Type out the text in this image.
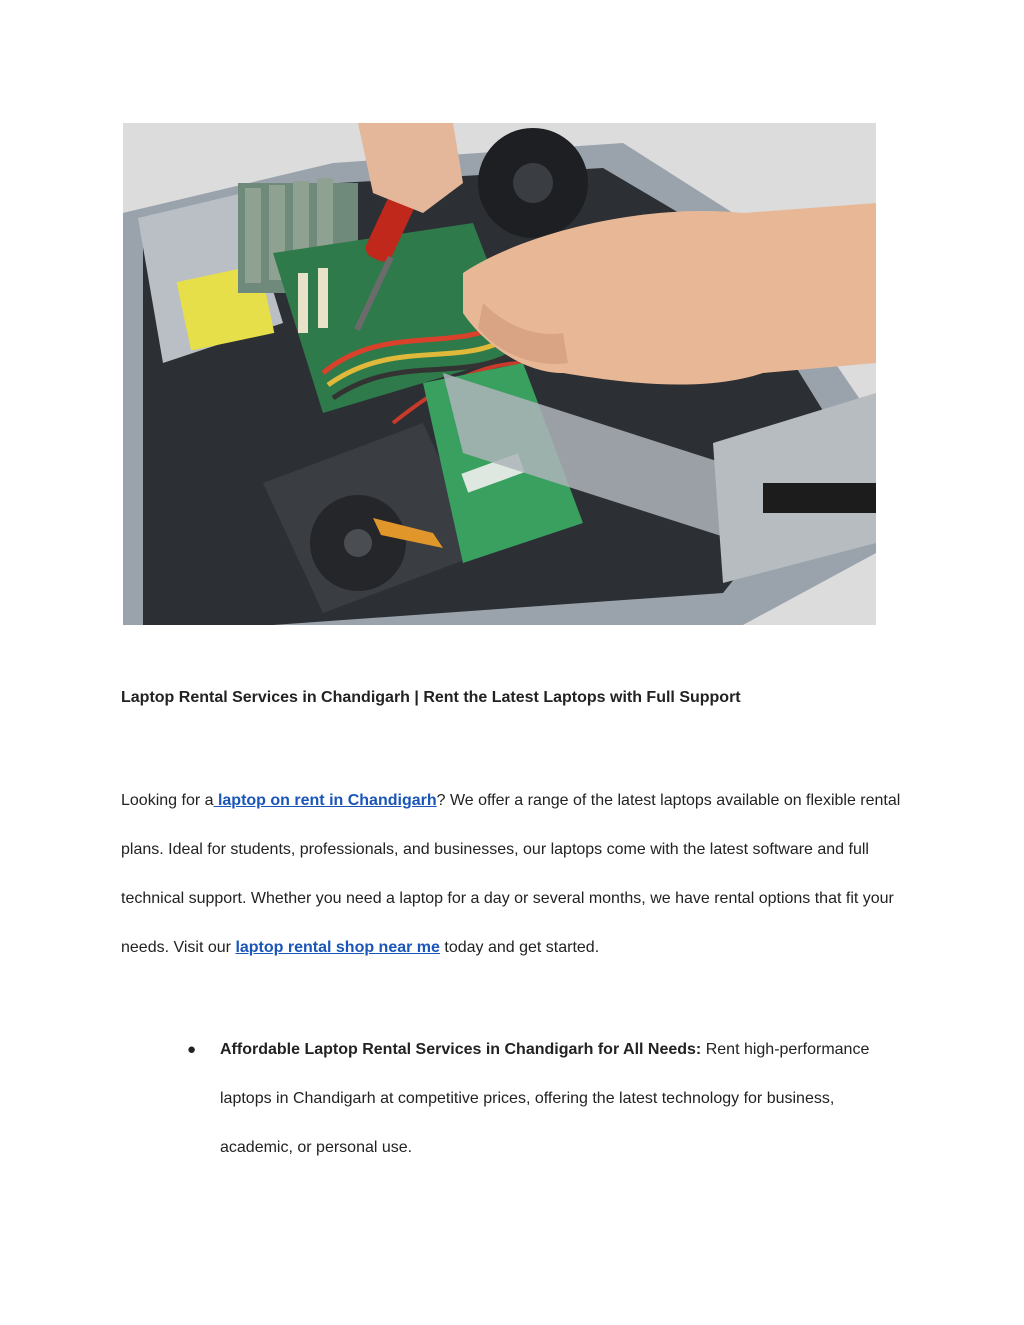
Laptop Rental Services in Chandigarh | Rent the Latest Laptops with Full Support

Looking for a laptop on rent in Chandigarh? We offer a range of the latest laptops available on flexible rental plans. Ideal for students, professionals, and businesses, our laptops come with the latest software and full technical support. Whether you need a laptop for a day or several months, we have rental options that fit your needs. Visit our laptop rental shop near me today and get started.

● Affordable Laptop Rental Services in Chandigarh for All Needs: Rent high-performance laptops in Chandigarh at competitive prices, offering the latest technology for business, academic, or personal use.
